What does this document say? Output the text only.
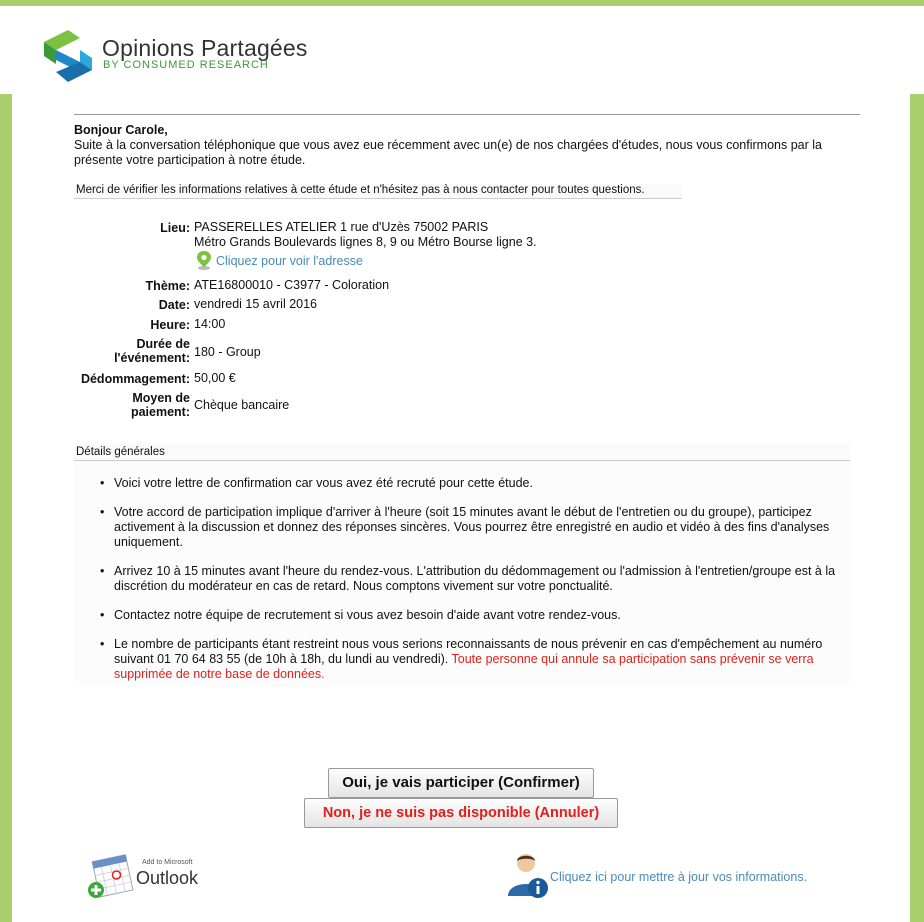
Opinions Partagées
BY CONSUMED RESEARCH
Bonjour Carole,
Suite à la conversation téléphonique que vous avez eue récemment avec un(e) de nos chargées d'études, nous vous confirmons par la présente votre participation à notre étude.
Merci de vérifier les informations relatives à cette étude et n'hésitez pas à nous contacter pour toutes questions.
Lieu: PASSERELLES ATELIER 1 rue d'Uzès 75002 PARIS
Métro Grands Boulevards lignes 8, 9 ou Métro Bourse ligne 3.
Cliquez pour voir l'adresse
Thème: ATE16800010 - C3977 - Coloration
Date: vendredi 15 avril 2016
Heure: 14:00
Durée de
l'événement: 180 - Group
Dédommagement: 50,00 €
Moyen de
paiement: Chèque bancaire
Détails générales
• Voici votre lettre de confirmation car vous avez été recruté pour cette étude.
• Votre accord de participation implique d'arriver à l'heure (soit 15 minutes avant le début de l'entretien ou du groupe), participez activement à la discussion et donnez des réponses sincères. Vous pourrez être enregistré en audio et vidéo à des fins d'analyses uniquement.
• Arrivez 10 à 15 minutes avant l'heure du rendez-vous. L'attribution du dédommagement ou l'admission à l'entretien/groupe est à la discrétion du modérateur en cas de retard. Nous comptons vivement sur votre ponctualité.
• Contactez notre équipe de recrutement si vous avez besoin d'aide avant votre rendez-vous.
• Le nombre de participants étant restreint nous vous serions reconnaissants de nous prévenir en cas d'empêchement au numéro suivant 01 70 64 83 55 (de 10h à 18h, du lundi au vendredi). Toute personne qui annule sa participation sans prévenir se verra supprimée de notre base de données.
Oui, je vais participer (Confirmer)
Non, je ne suis pas disponible (Annuler)
Add to Microsoft
Outlook	Cliquez ici pour mettre à jour vos informations.
